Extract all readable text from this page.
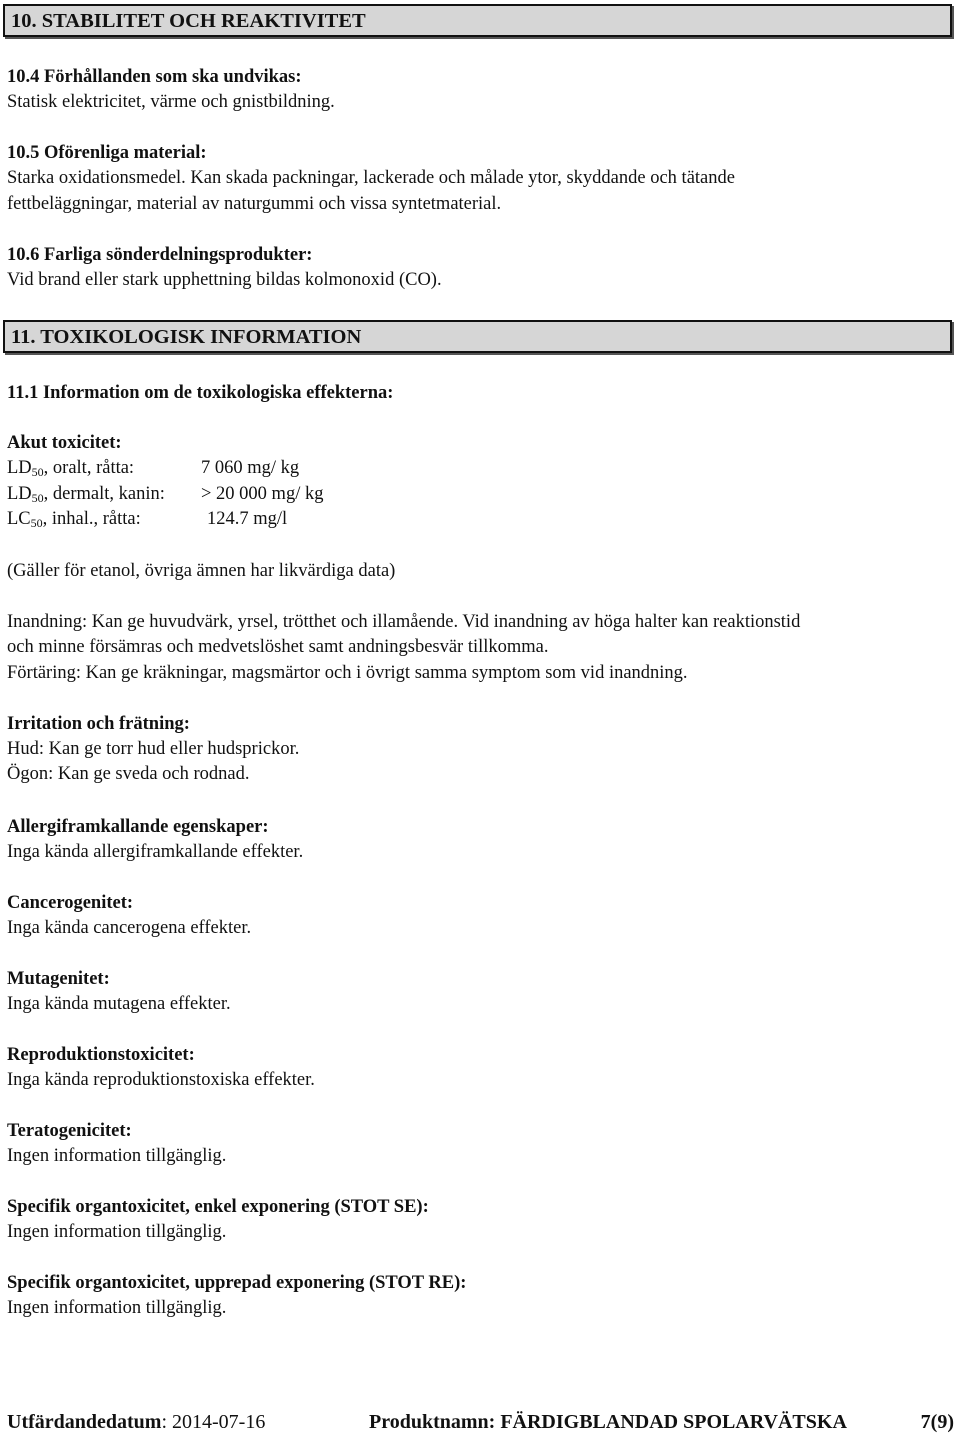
10. STABILITET OCH REAKTIVITET
10.4 Förhållanden som ska undvikas:
Statisk elektricitet, värme och gnistbildning.
10.5 Oförenliga material:
Starka oxidationsmedel. Kan skada packningar, lackerade och målade ytor, skyddande och tätande
fettbeläggningar, material av naturgummi och vissa syntetmaterial.
10.6 Farliga sönderdelningsprodukter:
Vid brand eller stark upphettning bildas kolmonoxid (CO).
11. TOXIKOLOGISK INFORMATION
11.1 Information om de toxikologiska effekterna:
Akut toxicitet:
$LD_{50}$, oralt, råtta:	7 060 mg/ kg
$LD_{50}$, dermalt, kanin:	> 20 000 mg/ kg
$LC_{50}$, inhal., råtta:	124.7 mg/l
(Gäller för etanol, övriga ämnen har likvärdiga data)
Inandning: Kan ge huvudvärk, yrsel, trötthet och illamående. Vid inandning av höga halter kan reaktionstid
och minne försämras och medvetslöshet samt andningsbesvär tillkomma.
Förtäring: Kan ge kräkningar, magsmärtor och i övrigt samma symptom som vid inandning.
Irritation och frätning:
Hud: Kan ge torr hud eller hudsprickor.
Ögon: Kan ge sveda och rodnad.
Allergiframkallande egenskaper:
Inga kända allergiframkallande effekter.
Cancerogenitet:
Inga kända cancerogena effekter.
Mutagenitet:
Inga kända mutagena effekter.
Reproduktionstoxicitet:
Inga kända reproduktionstoxiska effekter.
Teratogenicitet:
Ingen information tillgänglig.
Specifik organtoxicitet, enkel exponering (STOT SE):
Ingen information tillgänglig.
Specifik organtoxicitet, upprepad exponering (STOT RE):
Ingen information tillgänglig.
Utfärdandedatum: 2014-07-16	Produktnamn: FÄRDIGBLANDAD SPOLARVÄTSKA	7(9)
